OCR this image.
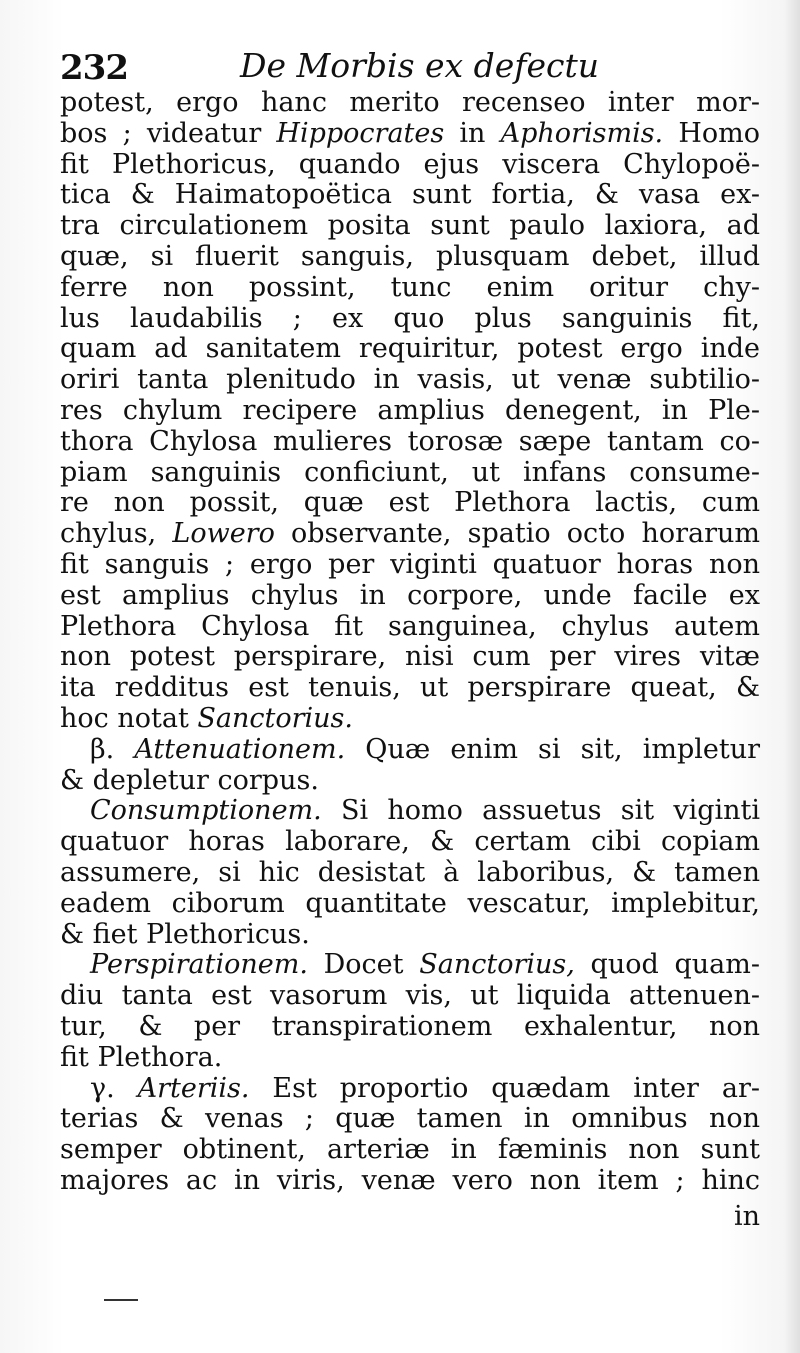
232	De Morbis ex defectu
potest, ergo hanc merito recenseo inter mor-
bos ; videatur Hippocrates in Aphorismis. Homo
fit Plethoricus, quando ejus viscera Chylopoë-
tica & Haimatopoëtica sunt fortia, & vasa ex-
tra circulationem posita sunt paulo laxiora, ad
quæ, si fluerit sanguis, plusquam debet, illud
ferre non possint, tunc enim oritur chy-
lus laudabilis ; ex quo plus sanguinis fit,
quam ad sanitatem requiritur, potest ergo inde
oriri tanta plenitudo in vasis, ut venæ subtilio-
res chylum recipere amplius denegent, in Ple-
thora Chylosa mulieres torosæ sæpe tantam co-
piam sanguinis conficiunt, ut infans consume-
re non possit, quæ est Plethora lactis, cum
chylus, Lowero observante, spatio octo horarum
fit sanguis ; ergo per viginti quatuor horas non
est amplius chylus in corpore, unde facile ex
Plethora Chylosa fit sanguinea, chylus autem
non potest perspirare, nisi cum per vires vitæ
ita redditus est tenuis, ut perspirare queat, &
hoc notat Sanctorius.
β. Attenuationem. Quæ enim si sit, impletur
& depletur corpus.
Consumptionem. Si homo assuetus sit viginti
quatuor horas laborare, & certam cibi copiam
assumere, si hic desistat à laboribus, & tamen
eadem ciborum quantitate vescatur, implebitur,
& fiet Plethoricus.
Perspirationem. Docet Sanctorius, quod quam-
diu tanta est vasorum vis, ut liquida attenuen-
tur, & per transpirationem exhalentur, non
fit Plethora.
γ. Arteriis. Est proportio quædam inter ar-
terias & venas ; quæ tamen in omnibus non
semper obtinent, arteriæ in fæminis non sunt
majores ac in viris, venæ vero non item ; hinc
in
